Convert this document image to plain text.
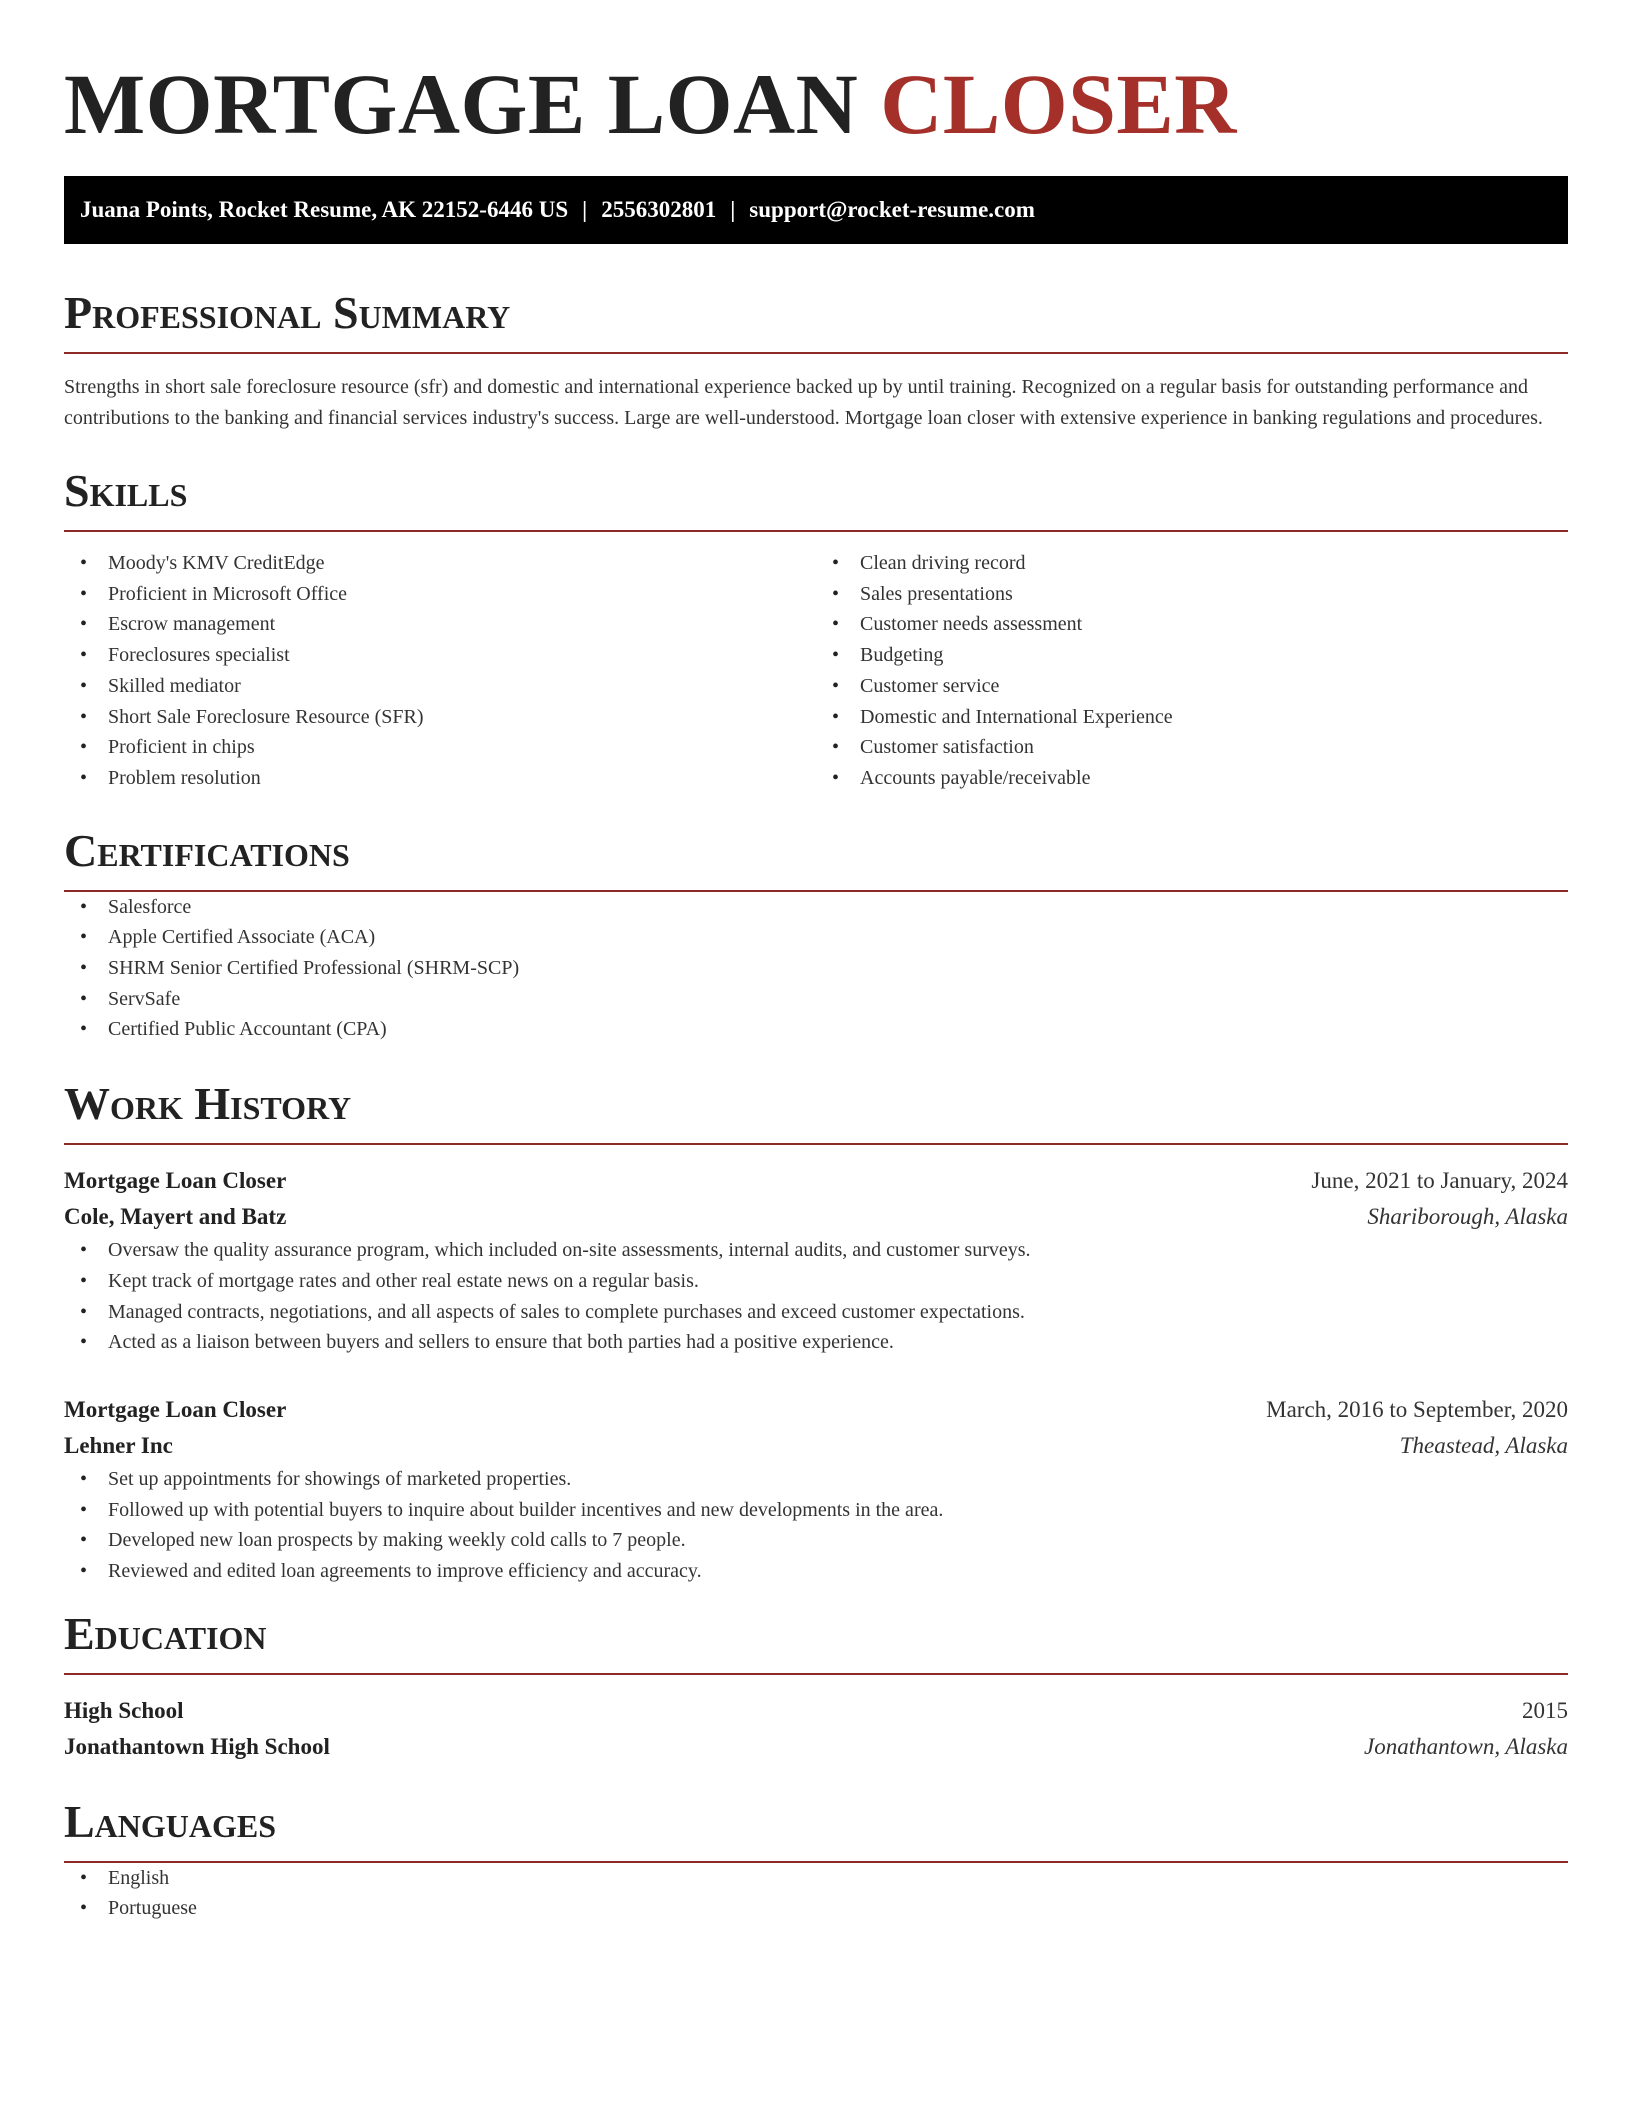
MORTGAGE LOAN CLOSER
Juana Points, Rocket Resume, AK 22152-6446 US | 2556302801 | support@rocket-resume.com
Professional Summary
Strengths in short sale foreclosure resource (sfr) and domestic and international experience backed up by until training. Recognized on a regular basis for outstanding performance and contributions to the banking and financial services industry's success. Large are well-understood. Mortgage loan closer with extensive experience in banking regulations and procedures.
Skills
• Moody's KMV CreditEdge
• Proficient in Microsoft Office
• Escrow management
• Foreclosures specialist
• Skilled mediator
• Short Sale Foreclosure Resource (SFR)
• Proficient in chips
• Problem resolution
• Clean driving record
• Sales presentations
• Customer needs assessment
• Budgeting
• Customer service
• Domestic and International Experience
• Customer satisfaction
• Accounts payable/receivable
Certifications
• Salesforce
• Apple Certified Associate (ACA)
• SHRM Senior Certified Professional (SHRM-SCP)
• ServSafe
• Certified Public Accountant (CPA)
Work History
Mortgage Loan Closer	June, 2021 to January, 2024
Cole, Mayert and Batz	Shariborough, Alaska
• Oversaw the quality assurance program, which included on-site assessments, internal audits, and customer surveys.
• Kept track of mortgage rates and other real estate news on a regular basis.
• Managed contracts, negotiations, and all aspects of sales to complete purchases and exceed customer expectations.
• Acted as a liaison between buyers and sellers to ensure that both parties had a positive experience.
Mortgage Loan Closer	March, 2016 to September, 2020
Lehner Inc	Theastead, Alaska
• Set up appointments for showings of marketed properties.
• Followed up with potential buyers to inquire about builder incentives and new developments in the area.
• Developed new loan prospects by making weekly cold calls to 7 people.
• Reviewed and edited loan agreements to improve efficiency and accuracy.
Education
High School	2015
Jonathantown High School	Jonathantown, Alaska
Languages
• English
• Portuguese
